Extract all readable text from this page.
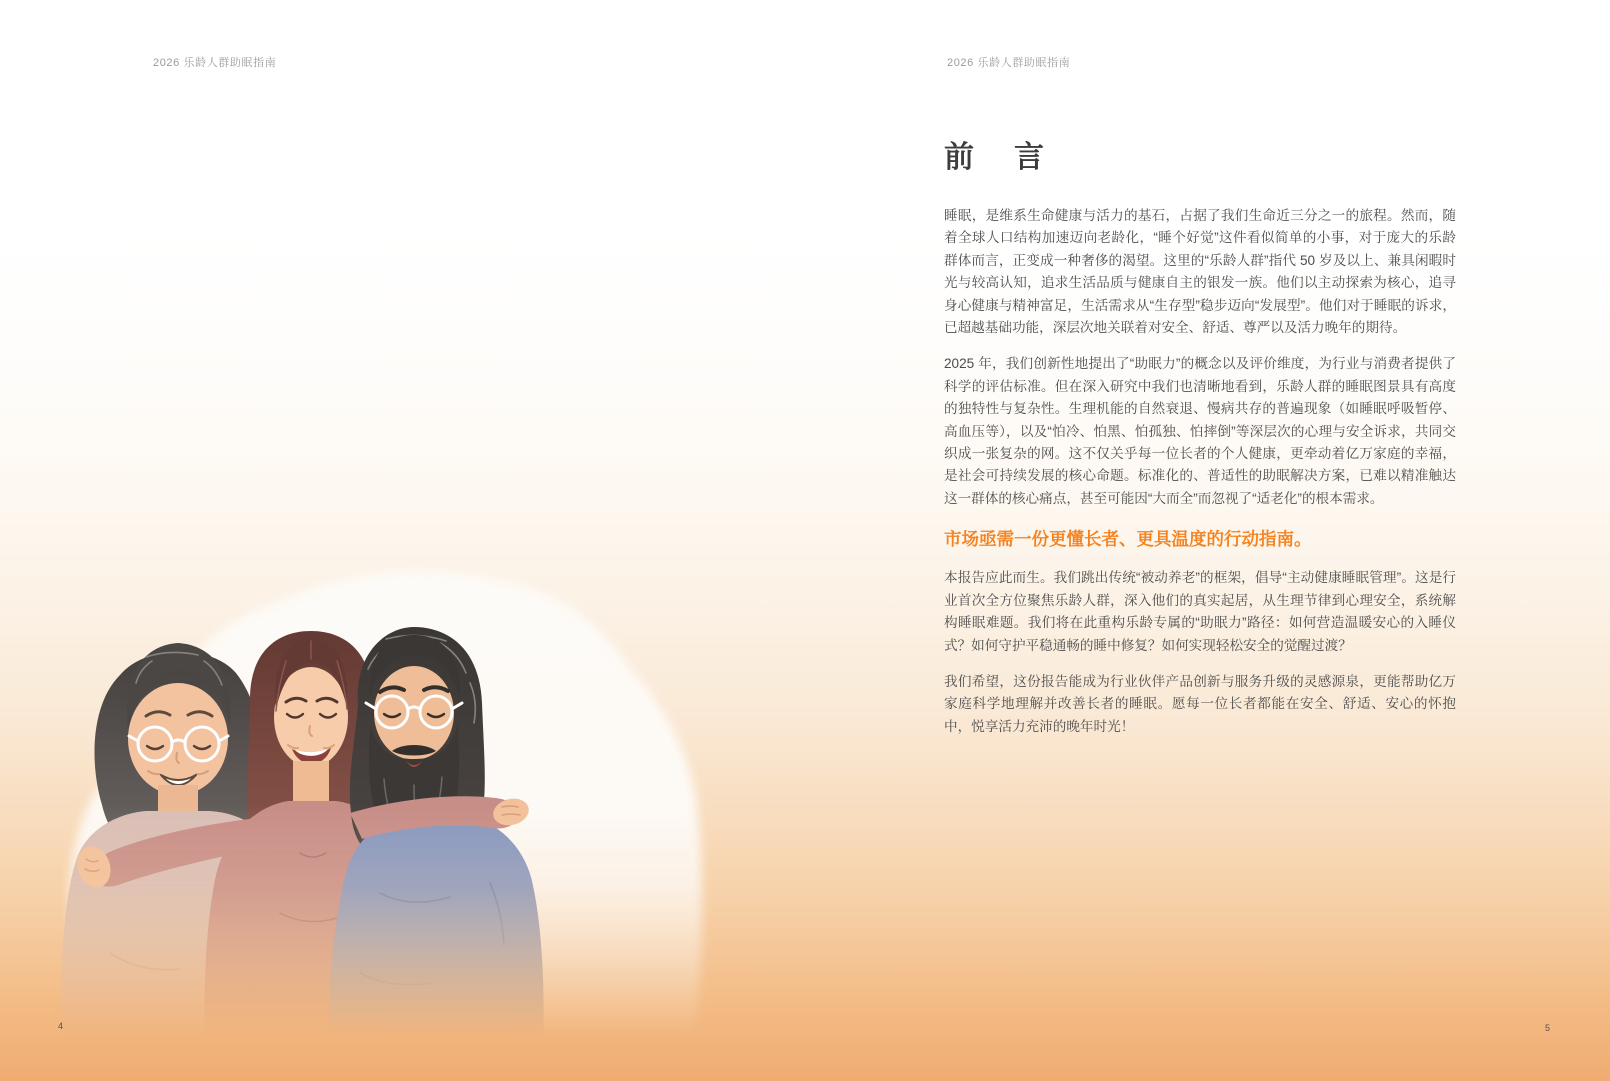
2026 乐龄人群助眠指南
4
2026 乐龄人群助眠指南
前　言

睡眠，是维系生命健康与活力的基石，占据了我们生命近三分之一的旅程。然而，随着全球人口结构加速迈向老龄化，“睡个好觉”这件看似简单的小事，对于庞大的乐龄群体而言，正变成一种奢侈的渴望。这里的“乐龄人群”指代 50 岁及以上、兼具闲暇时光与较高认知，追求生活品质与健康自主的银发一族。他们以主动探索为核心，追寻身心健康与精神富足，生活需求从“生存型”稳步迈向“发展型”。他们对于睡眠的诉求，已超越基础功能，深层次地关联着对安全、舒适、尊严以及活力晚年的期待。

2025 年，我们创新性地提出了“助眠力”的概念以及评价维度，为行业与消费者提供了科学的评估标准。但在深入研究中我们也清晰地看到，乐龄人群的睡眠图景具有高度的独特性与复杂性。生理机能的自然衰退、慢病共存的普遍现象（如睡眠呼吸暂停、高血压等），以及“怕冷、怕黑、怕孤独、怕摔倒”等深层次的心理与安全诉求，共同交织成一张复杂的网。这不仅关乎每一位长者的个人健康，更牵动着亿万家庭的幸福，是社会可持续发展的核心命题。标准化的、普适性的助眠解决方案，已难以精准触达这一群体的核心痛点，甚至可能因“大而全”而忽视了“适老化”的根本需求。

市场亟需一份更懂长者、更具温度的行动指南。

本报告应此而生。我们跳出传统“被动养老”的框架，倡导“主动健康睡眠管理”。这是行业首次全方位聚焦乐龄人群，深入他们的真实起居，从生理节律到心理安全，系统解构睡眠难题。我们将在此重构乐龄专属的“助眠力”路径：如何营造温暖安心的入睡仪式？如何守护平稳通畅的睡中修复？如何实现轻松安全的觉醒过渡？

我们希望，这份报告能成为行业伙伴产品创新与服务升级的灵感源泉，更能帮助亿万家庭科学地理解并改善长者的睡眠。愿每一位长者都能在安全、舒适、安心的怀抱中，悦享活力充沛的晚年时光！

5
